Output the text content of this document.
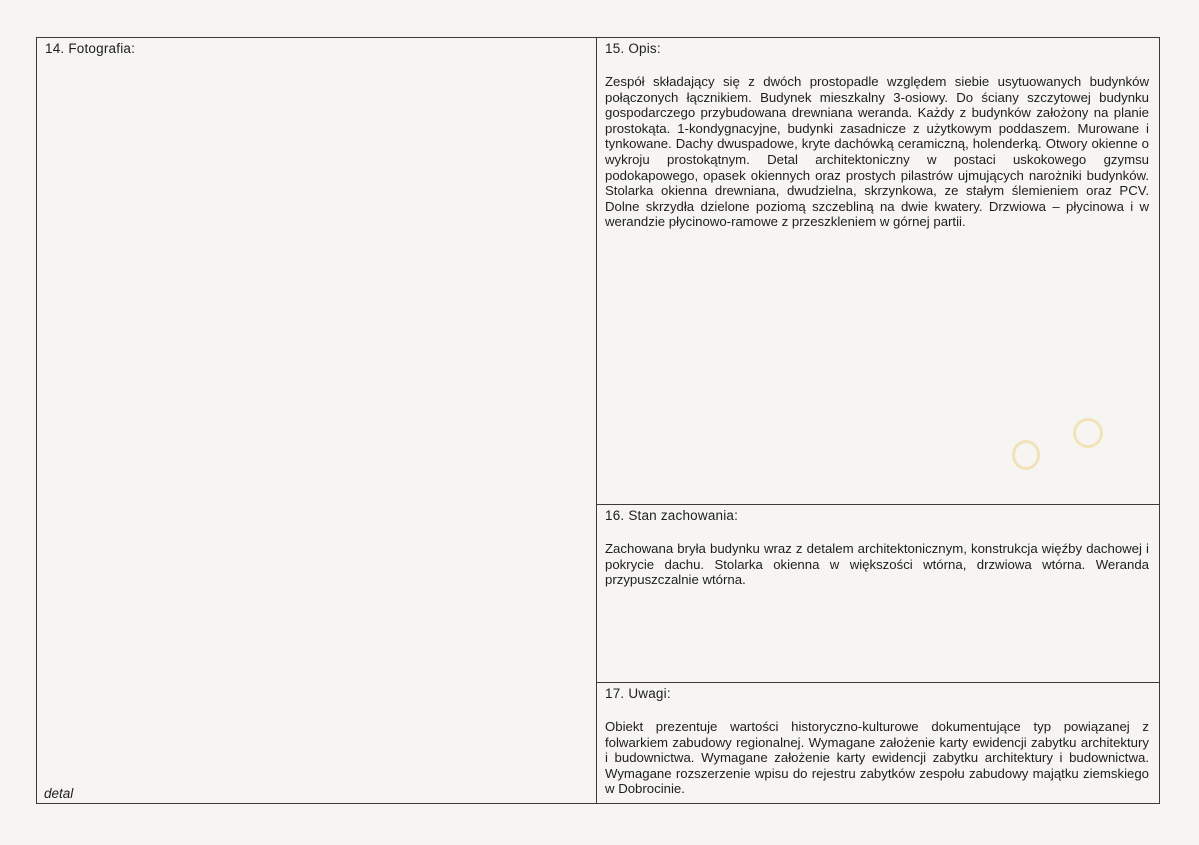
14. Fotografia:
detal
15. Opis:
Zespół składający się z dwóch prostopadle względem siebie usytuowanych budynków połączonych łącznikiem. Budynek mieszkalny 3-osiowy. Do ściany szczytowej budynku gospodarczego przybudowana drewniana weranda. Każdy z budynków założony na planie prostokąta. 1-kondygnacyjne, budynki zasadnicze z użytkowym poddaszem. Murowane i tynkowane. Dachy dwuspadowe, kryte dachówką ceramiczną, holenderką. Otwory okienne o wykroju prostokątnym. Detal architektoniczny w postaci uskokowego gzymsu podokapowego, opasek okiennych oraz prostych pilastrów ujmujących narożniki budynków. Stolarka okienna drewniana, dwudzielna, skrzynkowa, ze stałym ślemieniem oraz PCV. Dolne skrzydła dzielone poziomą szczebliną na dwie kwatery. Drzwiowa – płycinowa i w werandzie płycinowo-ramowe z przeszkleniem w górnej partii.
16. Stan zachowania:
Zachowana bryła budynku wraz z detalem architektonicznym, konstrukcja więźby dachowej i pokrycie dachu. Stolarka okienna w większości wtórna, drzwiowa wtórna. Weranda przypuszczalnie wtórna.
17. Uwagi:
Obiekt prezentuje wartości historyczno-kulturowe dokumentujące typ powiązanej z folwarkiem zabudowy regionalnej. Wymagane założenie karty ewidencji zabytku architektury i budownictwa. Wymagane założenie karty ewidencji zabytku architektury i budownictwa. Wymagane rozszerzenie wpisu do rejestru zabytków zespołu zabudowy majątku ziemskiego w Dobrocinie.
